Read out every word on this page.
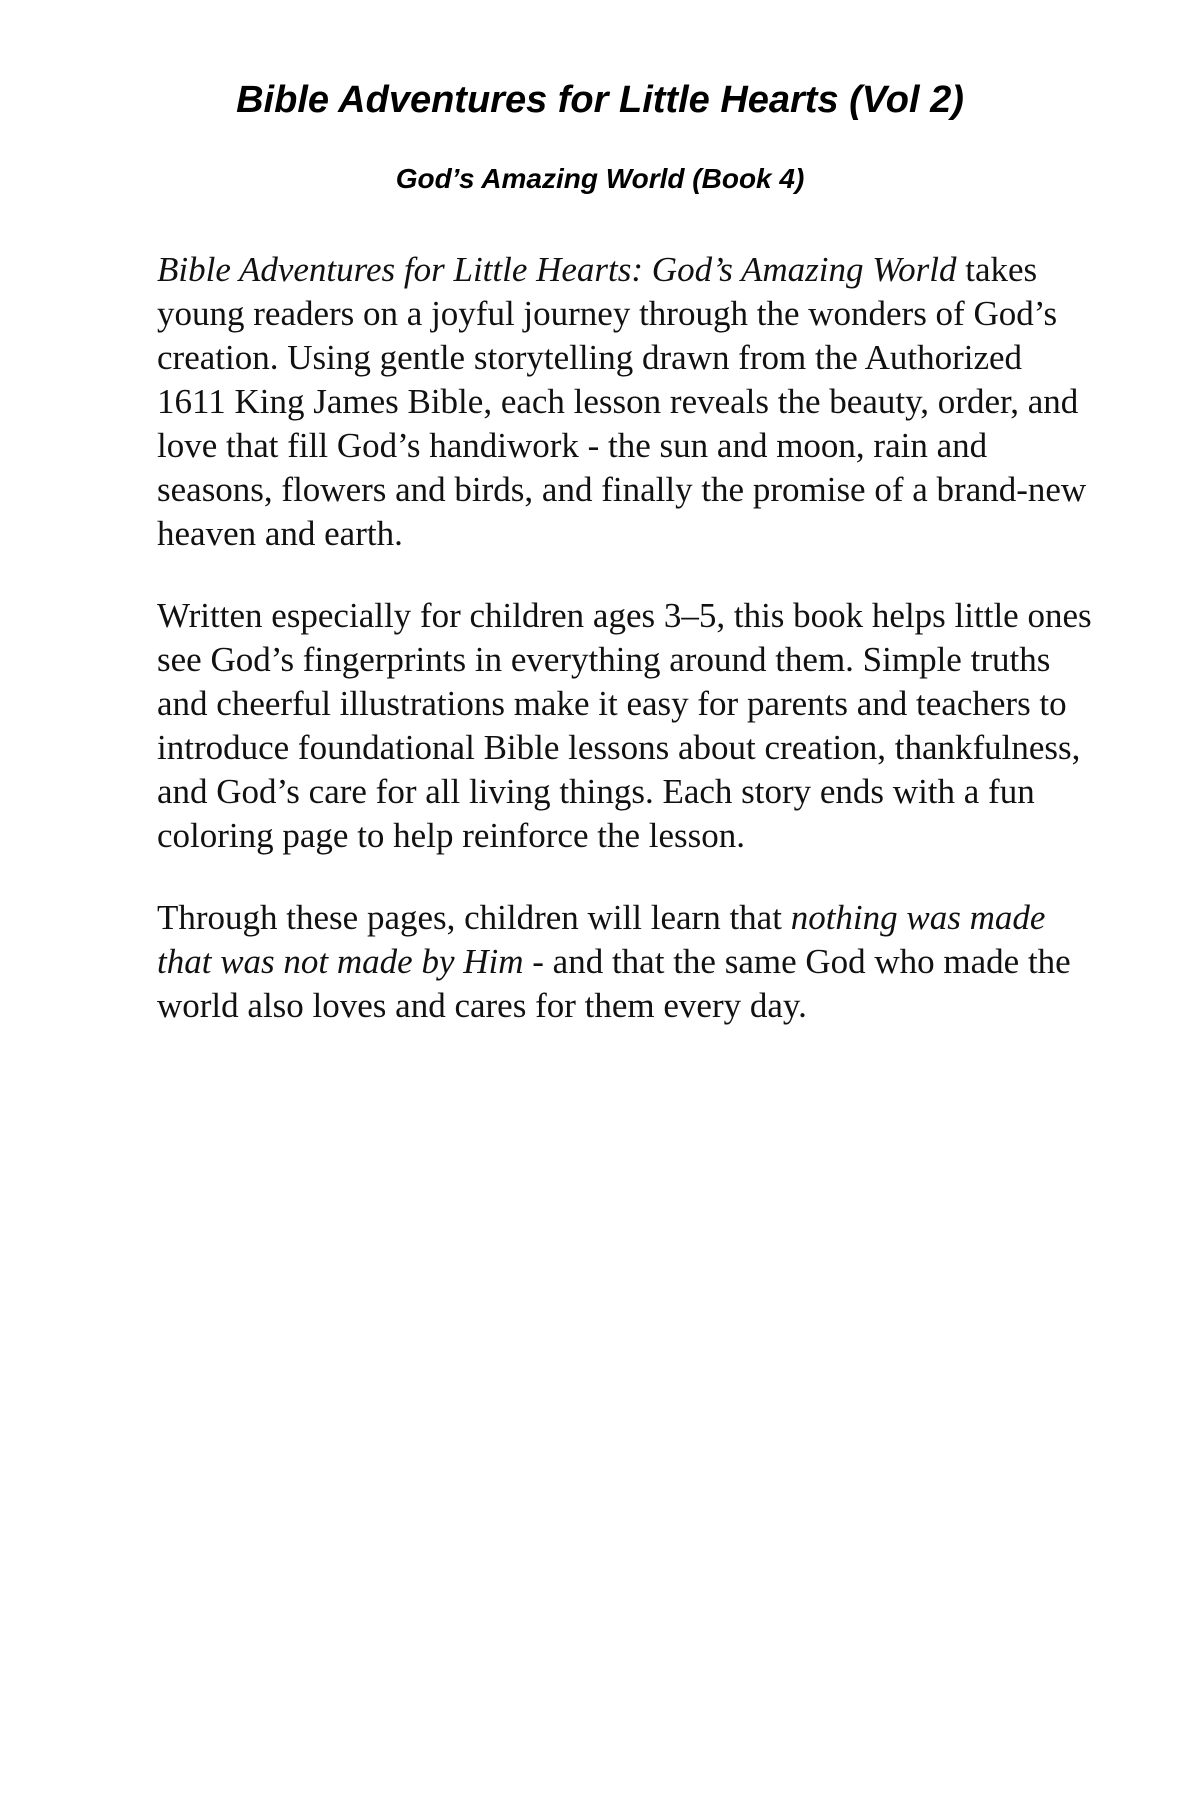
Bible Adventures for Little Hearts (Vol 2)
God’s Amazing World (Book 4)

Bible Adventures for Little Hearts: God’s Amazing World takes young readers on a joyful journey through the wonders of God’s creation. Using gentle storytelling drawn from the Authorized 1611 King James Bible, each lesson reveals the beauty, order, and love that fill God’s handiwork - the sun and moon, rain and seasons, flowers and birds, and finally the promise of a brand-new heaven and earth.

Written especially for children ages 3–5, this book helps little ones see God’s fingerprints in everything around them. Simple truths and cheerful illustrations make it easy for parents and teachers to introduce foundational Bible lessons about creation, thankfulness, and God’s care for all living things. Each story ends with a fun coloring page to help reinforce the lesson.

Through these pages, children will learn that nothing was made that was not made by Him - and that the same God who made the world also loves and cares for them every day.
